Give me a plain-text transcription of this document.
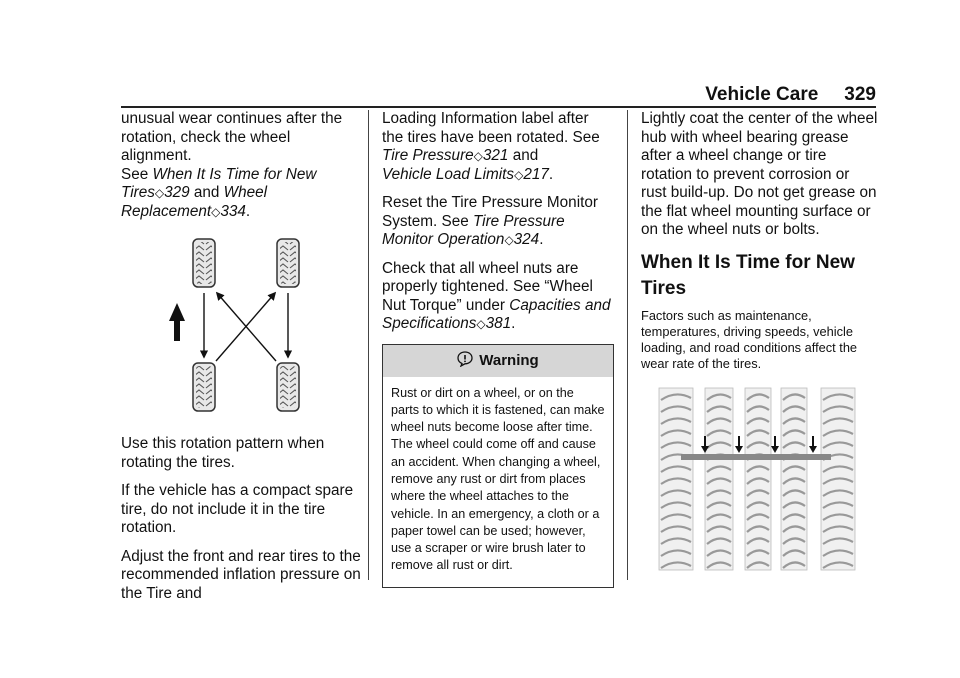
Vehicle Care 329

unusual wear continues after the rotation, check the wheel alignment.
See When It Is Time for New Tires◇329 and Wheel Replacement◇334.

Use this rotation pattern when rotating the tires.

If the vehicle has a compact spare tire, do not include it in the tire rotation.

Adjust the front and rear tires to the recommended inflation pressure on the Tire and

Loading Information label after the tires have been rotated. See Tire Pressure◇321 and
Vehicle Load Limits◇217.

Reset the Tire Pressure Monitor System. See Tire Pressure Monitor Operation◇324.

Check that all wheel nuts are properly tightened. See “Wheel Nut Torque” under Capacities and Specifications◇381.

Warning
Rust or dirt on a wheel, or on the parts to which it is fastened, can make wheel nuts become loose after time. The wheel could come off and cause an accident. When changing a wheel, remove any rust or dirt from places where the wheel attaches to the vehicle. In an emergency, a cloth or a paper towel can be used; however, use a scraper or wire brush later to remove all rust or dirt.

Lightly coat the center of the wheel hub with wheel bearing grease after a wheel change or tire rotation to prevent corrosion or rust build-up. Do not get grease on the flat wheel mounting surface or on the wheel nuts or bolts.

When It Is Time for New Tires

Factors such as maintenance, temperatures, driving speeds, vehicle loading, and road conditions affect the wear rate of the tires.
